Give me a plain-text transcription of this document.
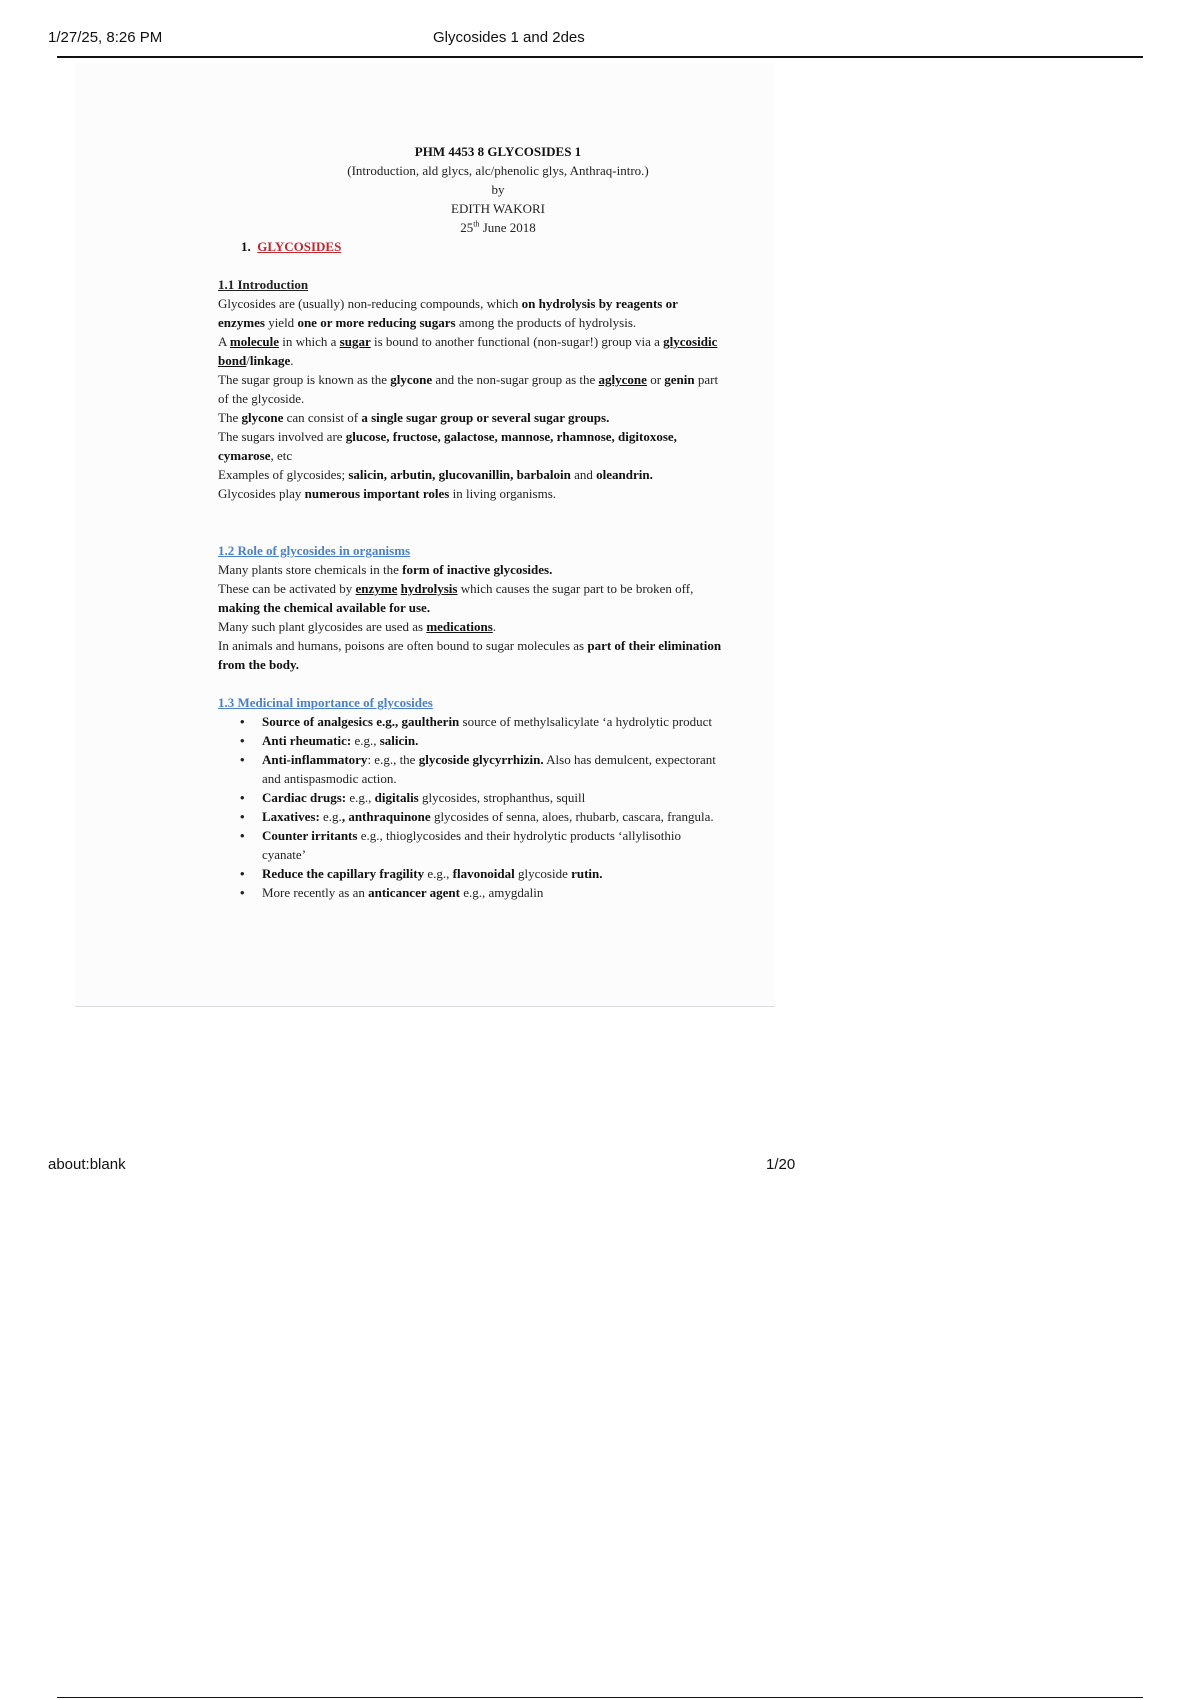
1/27/25, 8:26 PM	Glycosides 1 and 2des

PHM 4453 8 GLYCOSIDES 1

(Introduction, ald glycs, alc/phenolic glys, Anthraq-intro.)

by

EDITH WAKORI

25th June 2018

1. GLYCOSIDES

1.1 Introduction

Glycosides are (usually) non-reducing compounds, which on hydrolysis by reagents or

enzymes yield one or more reducing sugars among the products of hydrolysis.

A molecule in which a sugar is bound to another functional (non-sugar!) group via a glycosidic

bond/linkage.

The sugar group is known as the glycone and the non-sugar group as the aglycone or genin part

of the glycoside.

The glycone can consist of a single sugar group or several sugar groups.

The sugars involved are glucose, fructose, galactose, mannose, rhamnose, digitoxose,

cymarose, etc

Examples of glycosides; salicin, arbutin, glucovanillin, barbaloin and oleandrin.

Glycosides play numerous important roles in living organisms.

1.2 Role of glycosides in organisms

Many plants store chemicals in the form of inactive glycosides.

These can be activated by enzyme hydrolysis which causes the sugar part to be broken off,

making the chemical available for use.

Many such plant glycosides are used as medications.

In animals and humans, poisons are often bound to sugar molecules as part of their elimination

from the body.

1.3 Medicinal importance of glycosides

• Source of analgesics e.g., gaultherin source of methylsalicylate ‘a hydrolytic product
• Anti rheumatic: e.g., salicin.
• Anti-inflammatory: e.g., the glycoside glycyrrhizin. Also has demulcent, expectorant
and antispasmodic action.
• Cardiac drugs: e.g., digitalis glycosides, strophanthus, squill
• Laxatives: e.g., anthraquinone glycosides of senna, aloes, rhubarb, cascara, frangula.
• Counter irritants e.g., thioglycosides and their hydrolytic products ‘allylisothio
cyanate’
• Reduce the capillary fragility e.g., flavonoidal glycoside rutin.
• More recently as an anticancer agent e.g., amygdalin
about:blank	1/20
